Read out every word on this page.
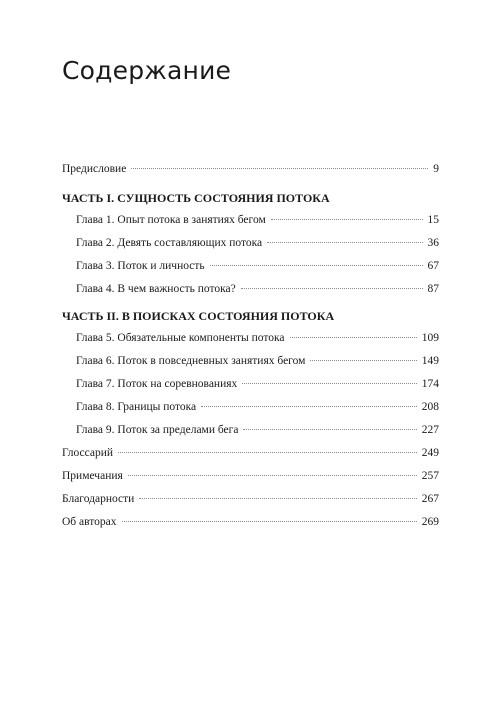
Содержание
Предисловие	9
ЧАСТЬ I. СУЩНОСТЬ СОСТОЯНИЯ ПОТОКА
Глава 1. Опыт потока в занятиях бегом	15
Глава 2. Девять составляющих потока	36
Глава 3. Поток и личность	67
Глава 4. В чем важность потока?	87
ЧАСТЬ II. В ПОИСКАХ СОСТОЯНИЯ ПОТОКА
Глава 5. Обязательные компоненты потока	109
Глава 6. Поток в повседневных занятиях бегом	149
Глава 7. Поток на соревнованиях	174
Глава 8. Границы потока	208
Глава 9. Поток за пределами бега	227
Глоссарий	249
Примечания	257
Благодарности	267
Об авторах	269
